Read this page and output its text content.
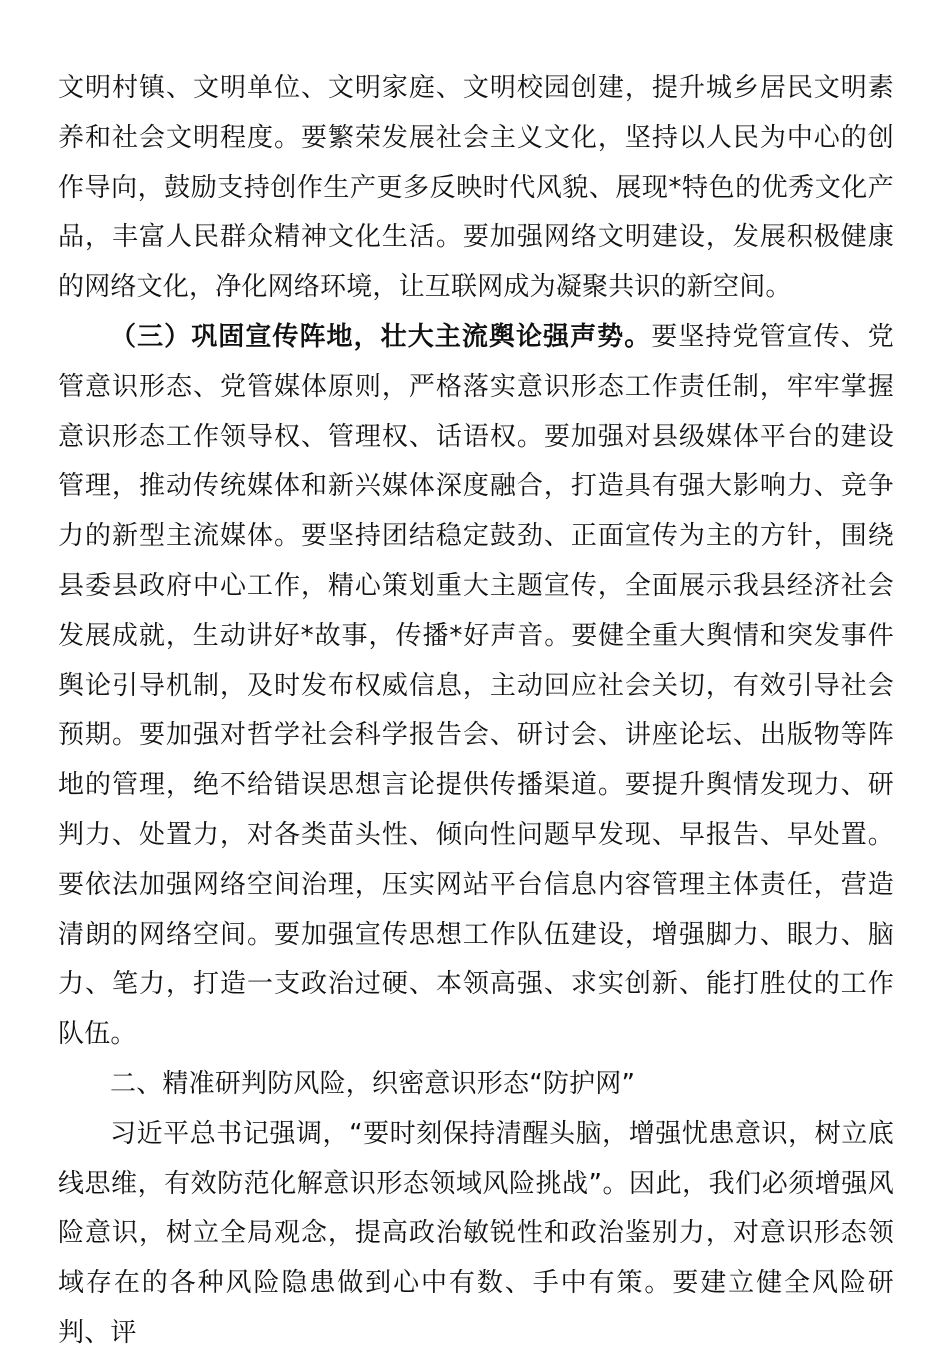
文明村镇、文明单位、文明家庭、文明校园创建，提升城乡居民文明素养和社会文明程度。要繁荣发展社会主义文化，坚持以人民为中心的创作导向，鼓励支持创作生产更多反映时代风貌、展现*特色的优秀文化产品，丰富人民群众精神文化生活。要加强网络文明建设，发展积极健康的网络文化，净化网络环境，让互联网成为凝聚共识的新空间。

（三）巩固宣传阵地，壮大主流舆论强声势。要坚持党管宣传、党管意识形态、党管媒体原则，严格落实意识形态工作责任制，牢牢掌握意识形态工作领导权、管理权、话语权。要加强对县级媒体平台的建设管理，推动传统媒体和新兴媒体深度融合，打造具有强大影响力、竞争力的新型主流媒体。要坚持团结稳定鼓劲、正面宣传为主的方针，围绕县委县政府中心工作，精心策划重大主题宣传，全面展示我县经济社会发展成就，生动讲好*故事，传播*好声音。要健全重大舆情和突发事件舆论引导机制，及时发布权威信息，主动回应社会关切，有效引导社会预期。要加强对哲学社会科学报告会、研讨会、讲座论坛、出版物等阵地的管理，绝不给错误思想言论提供传播渠道。要提升舆情发现力、研判力、处置力，对各类苗头性、倾向性问题早发现、早报告、早处置。要依法加强网络空间治理，压实网站平台信息内容管理主体责任，营造清朗的网络空间。要加强宣传思想工作队伍建设，增强脚力、眼力、脑力、笔力，打造一支政治过硬、本领高强、求实创新、能打胜仗的工作队伍。

二、精准研判防风险，织密意识形态“防护网”

习近平总书记强调，“要时刻保持清醒头脑，增强忧患意识，树立底线思维，有效防范化解意识形态领域风险挑战”。因此，我们必须增强风险意识，树立全局观念，提高政治敏锐性和政治鉴别力，对意识形态领域存在的各种风险隐患做到心中有数、手中有策。要建立健全风险研判、评
